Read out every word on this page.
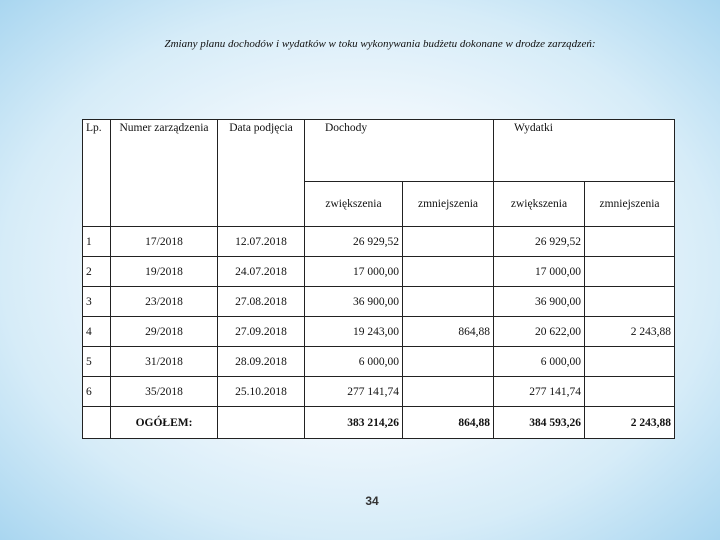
Zmiany planu dochodów i wydatków w toku wykonywania budżetu dokonane w drodze zarządzeń:
Lp.	Numer zarządzenia	Data podjęcia	Dochody		Wydatki	
			zwiększenia	zmniejszenia	zwiększenia	zmniejszenia
1	17/2018	12.07.2018	26 929,52		26 929,52	
2	19/2018	24.07.2018	17 000,00		17 000,00	
3	23/2018	27.08.2018	36 900,00		36 900,00	
4	29/2018	27.09.2018	19 243,00	864,88	20 622,00	2 243,88
5	31/2018	28.09.2018	6 000,00		6 000,00	
6	35/2018	25.10.2018	277 141,74		277 141,74	
	OGÓŁEM:		383 214,26	864,88	384 593,26	2 243,88
34
